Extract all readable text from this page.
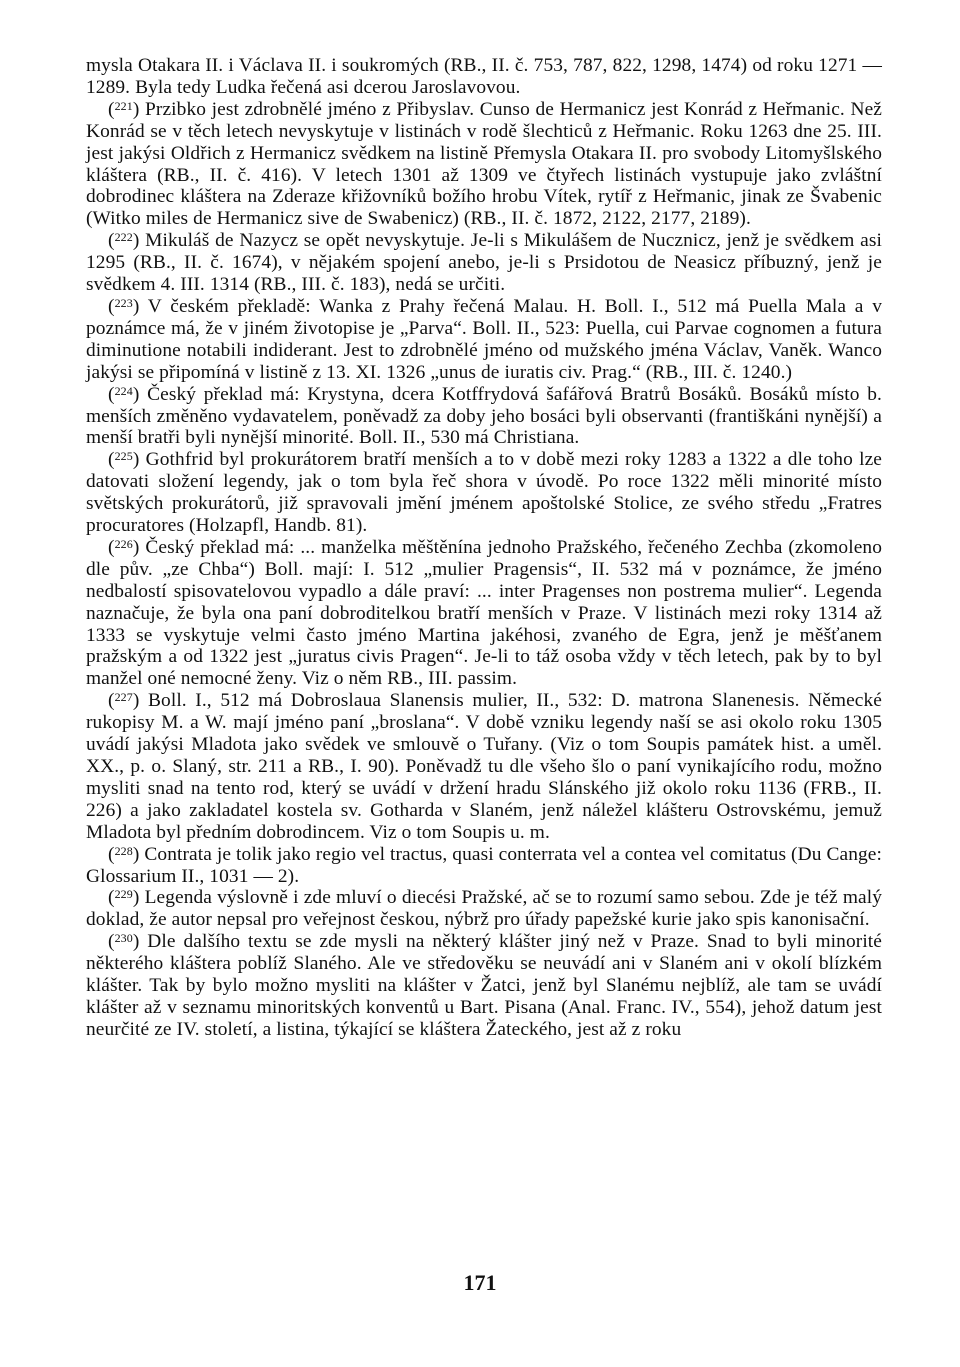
mysla Otakara II. i Václava II. i soukromých (RB., II. č. 753, 787, 822, 1298, 1474) od roku 1271 — 1289. Byla tedy Ludka řečená asi dcerou Jaroslavovou.

($^{221}$) Przibko jest zdrobnělé jméno z Přibyslav. Cunso de Hermanicz jest Konrád z Heřmanic. Než Konrád se v těch letech nevyskytuje v listinách v rodě šlechticů z Heřmanic. Roku 1263 dne 25. III. jest jakýsi Oldřich z Hermanicz svědkem na listině Přemysla Otakara II. pro svobody Litomyšlského kláštera (RB., II. č. 416). V letech 1301 až 1309 ve čtyřech listinách vystupuje jako zvláštní dobrodinec kláštera na Zderaze křižovníků božího hrobu Vítek, rytíř z Heřmanic, jinak ze Švabenic (Witko miles de Hermanicz sive de Swabenicz) (RB., II. č. 1872, 2122, 2177, 2189).

($^{222}$) Mikuláš de Nazycz se opět nevyskytuje. Je-li s Mikulášem de Nucznicz, jenž je svědkem asi 1295 (RB., II. č. 1674), v nějakém spojení anebo, je-li s Prsidotou de Neasicz příbuzný, jenž je svědkem 4. III. 1314 (RB., III. č. 183), nedá se určiti.

($^{223}$) V českém překladě: Wanka z Prahy řečená Malau. H. Boll. I., 512 má Puella Mala a v poznámce má, že v jiném životopise je „Parva“. Boll. II., 523: Puella, cui Parvae cognomen a futura diminutione notabili indiderant. Jest to zdrobnělé jméno od mužského jména Václav, Vaněk. Wanco jakýsi se připomíná v listině z 13. XI. 1326 „unus de iuratis civ. Prag.“ (RB., III. č. 1240.)

($^{224}$) Český překlad má: Krystyna, dcera Kotffrydová šafářová Bratrů Bosáků. Bosáků místo b. menších změněno vydavatelem, poněvadž za doby jeho bosáci byli observanti (františkáni nynější) a menší bratři byli nynější minorité. Boll. II., 530 má Christiana.

($^{225}$) Gothfrid byl prokurátorem bratří menších a to v době mezi roky 1283 a 1322 a dle toho lze datovati složení legendy, jak o tom byla řeč shora v úvodě. Po roce 1322 měli minorité místo světských prokurátorů, již spravovali jmění jménem apoštolské Stolice, ze svého středu „Fratres procuratores (Holzapfl, Handb. 81).

($^{226}$) Český překlad má: ... manželka měštěnína jednoho Pražského, řečeného Zechba (zkomoleno dle pův. „ze Chba“) Boll. mají: I. 512 „mulier Pragensis“, II. 532 má v poznámce, že jméno nedbalostí spisovatelovou vypadlo a dále praví: ... inter Pragenses non postrema mulier“. Legenda naznačuje, že byla ona paní dobroditelkou bratří menších v Praze. V listinách mezi roky 1314 až 1333 se vyskytuje velmi často jméno Martina jakéhosi, zvaného de Egra, jenž je měšťanem pražským a od 1322 jest „juratus civis Pragen“. Je-li to táž osoba vždy v těch letech, pak by to byl manžel oné nemocné ženy. Viz o něm RB., III. passim.

($^{227}$) Boll. I., 512 má Dobroslaua Slanensis mulier, II., 532: D. matrona Slanenesis. Německé rukopisy M. a W. mají jméno paní „broslana“. V době vzniku legendy naší se asi okolo roku 1305 uvádí jakýsi Mladota jako svědek ve smlouvě o Tuřany. (Viz o tom Soupis památek hist. a uměl. XX., p. o. Slaný, str. 211 a RB., I. 90). Poněvadž tu dle všeho šlo o paní vynikajícího rodu, možno mysliti snad na tento rod, který se uvádí v držení hradu Slánského již okolo roku 1136 (FRB., II. 226) a jako zakladatel kostela sv. Gotharda v Slaném, jenž náležel klášteru Ostrovskému, jemuž Mladota byl předním dobrodincem. Viz o tom Soupis u. m.

($^{228}$) Contrata je tolik jako regio vel tractus, quasi conterrata vel a contea vel comitatus (Du Cange: Glossarium II., 1031 — 2).

($^{229}$) Legenda výslovně i zde mluví o diecési Pražské, ač se to rozumí samo sebou. Zde je též malý doklad, že autor nepsal pro veřejnost českou, nýbrž pro úřady papežské kurie jako spis kanonisační.

($^{230}$) Dle dalšího textu se zde mysli na některý klášter jiný než v Praze. Snad to byli minorité některého kláštera poblíž Slaného. Ale ve středověku se neuvádí ani v Slaném ani v okolí blízkém klášter. Tak by bylo možno mysliti na klášter v Žatci, jenž byl Slanému nejblíž, ale tam se uvádí klášter až v seznamu minoritských konventů u Bart. Pisana (Anal. Franc. IV., 554), jehož datum jest neurčité ze IV. století, a listina, týkající se kláštera Žateckého, jest až z roku

171
